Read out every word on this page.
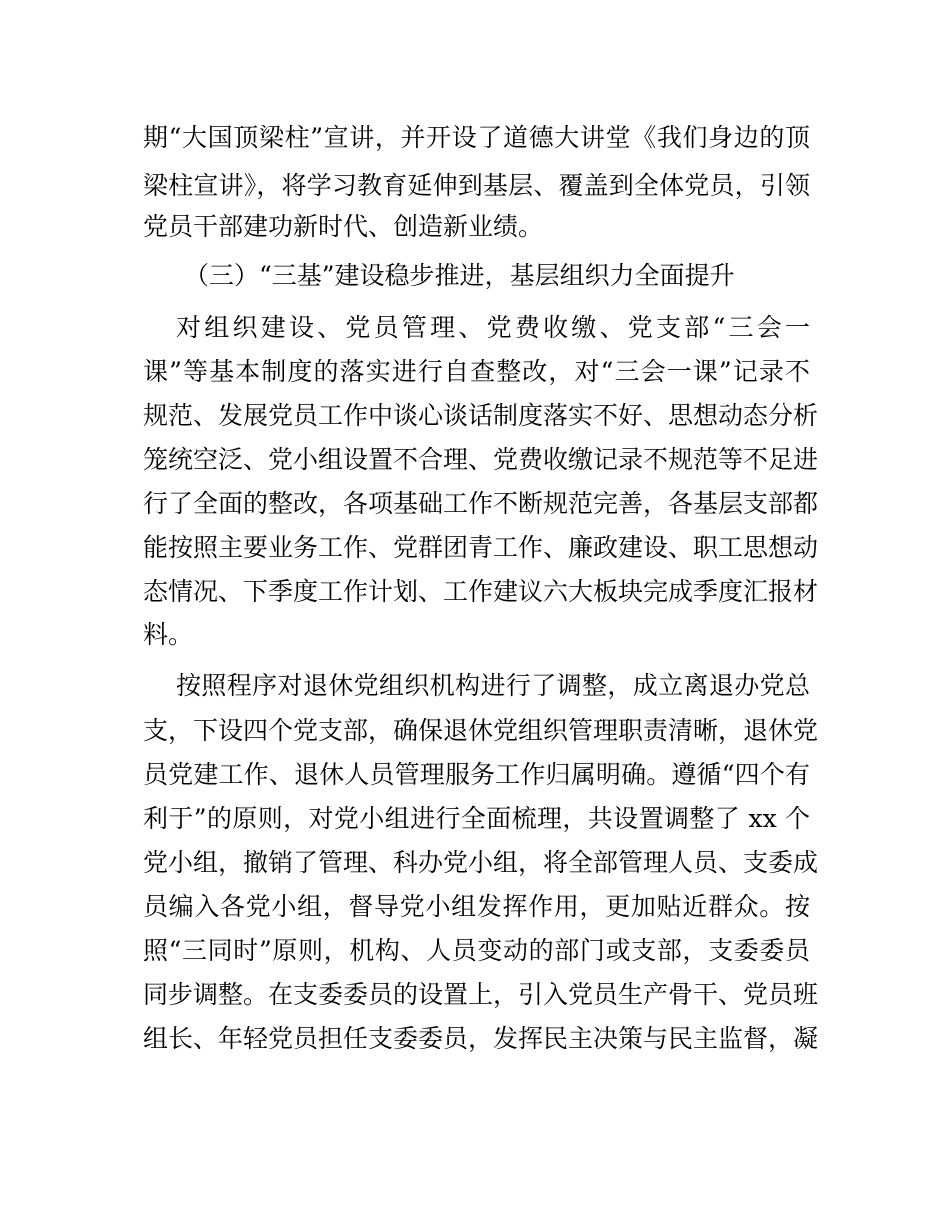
期“大国顶梁柱”宣讲，并开设了道德大讲堂《我们身边的顶
梁柱宣讲》，将学习教育延伸到基层、覆盖到全体党员，引领
党员干部建功新时代、创造新业绩。
（三）“三基”建设稳步推进，基层组织力全面提升
对组织建设、党员管理、党费收缴、党支部“三会一
课”等基本制度的落实进行自查整改，对“三会一课”记录不
规范、发展党员工作中谈心谈话制度落实不好、思想动态分析
笼统空泛、党小组设置不合理、党费收缴记录不规范等不足进
行了全面的整改，各项基础工作不断规范完善，各基层支部都
能按照主要业务工作、党群团青工作、廉政建设、职工思想动
态情况、下季度工作计划、工作建议六大板块完成季度汇报材
料。
按照程序对退休党组织机构进行了调整，成立离退办党总
支，下设四个党支部，确保退休党组织管理职责清晰，退休党
员党建工作、退休人员管理服务工作归属明确。遵循“四个有
利于”的原则，对党小组进行全面梳理，共设置调整了 xx 个
党小组，撤销了管理、科办党小组，将全部管理人员、支委成
员编入各党小组，督导党小组发挥作用，更加贴近群众。按
照“三同时”原则，机构、人员变动的部门或支部，支委委员
同步调整。在支委委员的设置上，引入党员生产骨干、党员班
组长、年轻党员担任支委委员，发挥民主决策与民主监督，凝
